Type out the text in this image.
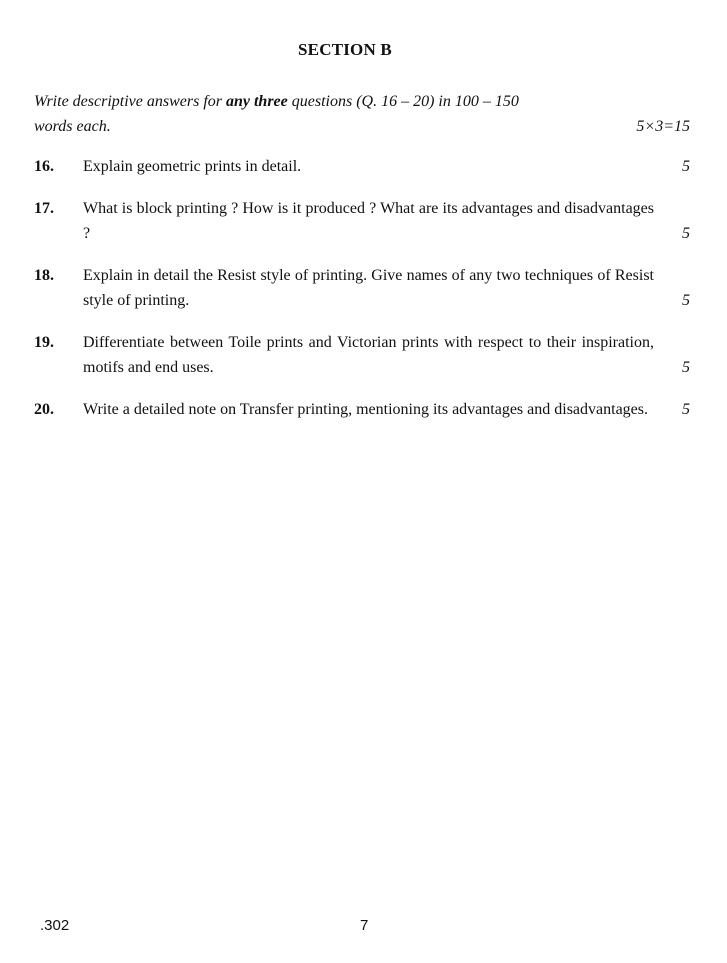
SECTION B
Write descriptive answers for any three questions (Q. 16 – 20) in 100 – 150
words each.	5×3=15
16. Explain geometric prints in detail.	5
17. What is block printing ? How is it produced ? What are its advantages and disadvantages ?	5
18. Explain in detail the Resist style of printing. Give names of any two techniques of Resist style of printing.	5
19. Differentiate between Toile prints and Victorian prints with respect to their inspiration, motifs and end uses.	5
20. Write a detailed note on Transfer printing, mentioning its advantages and disadvantages.	5
.302	7
